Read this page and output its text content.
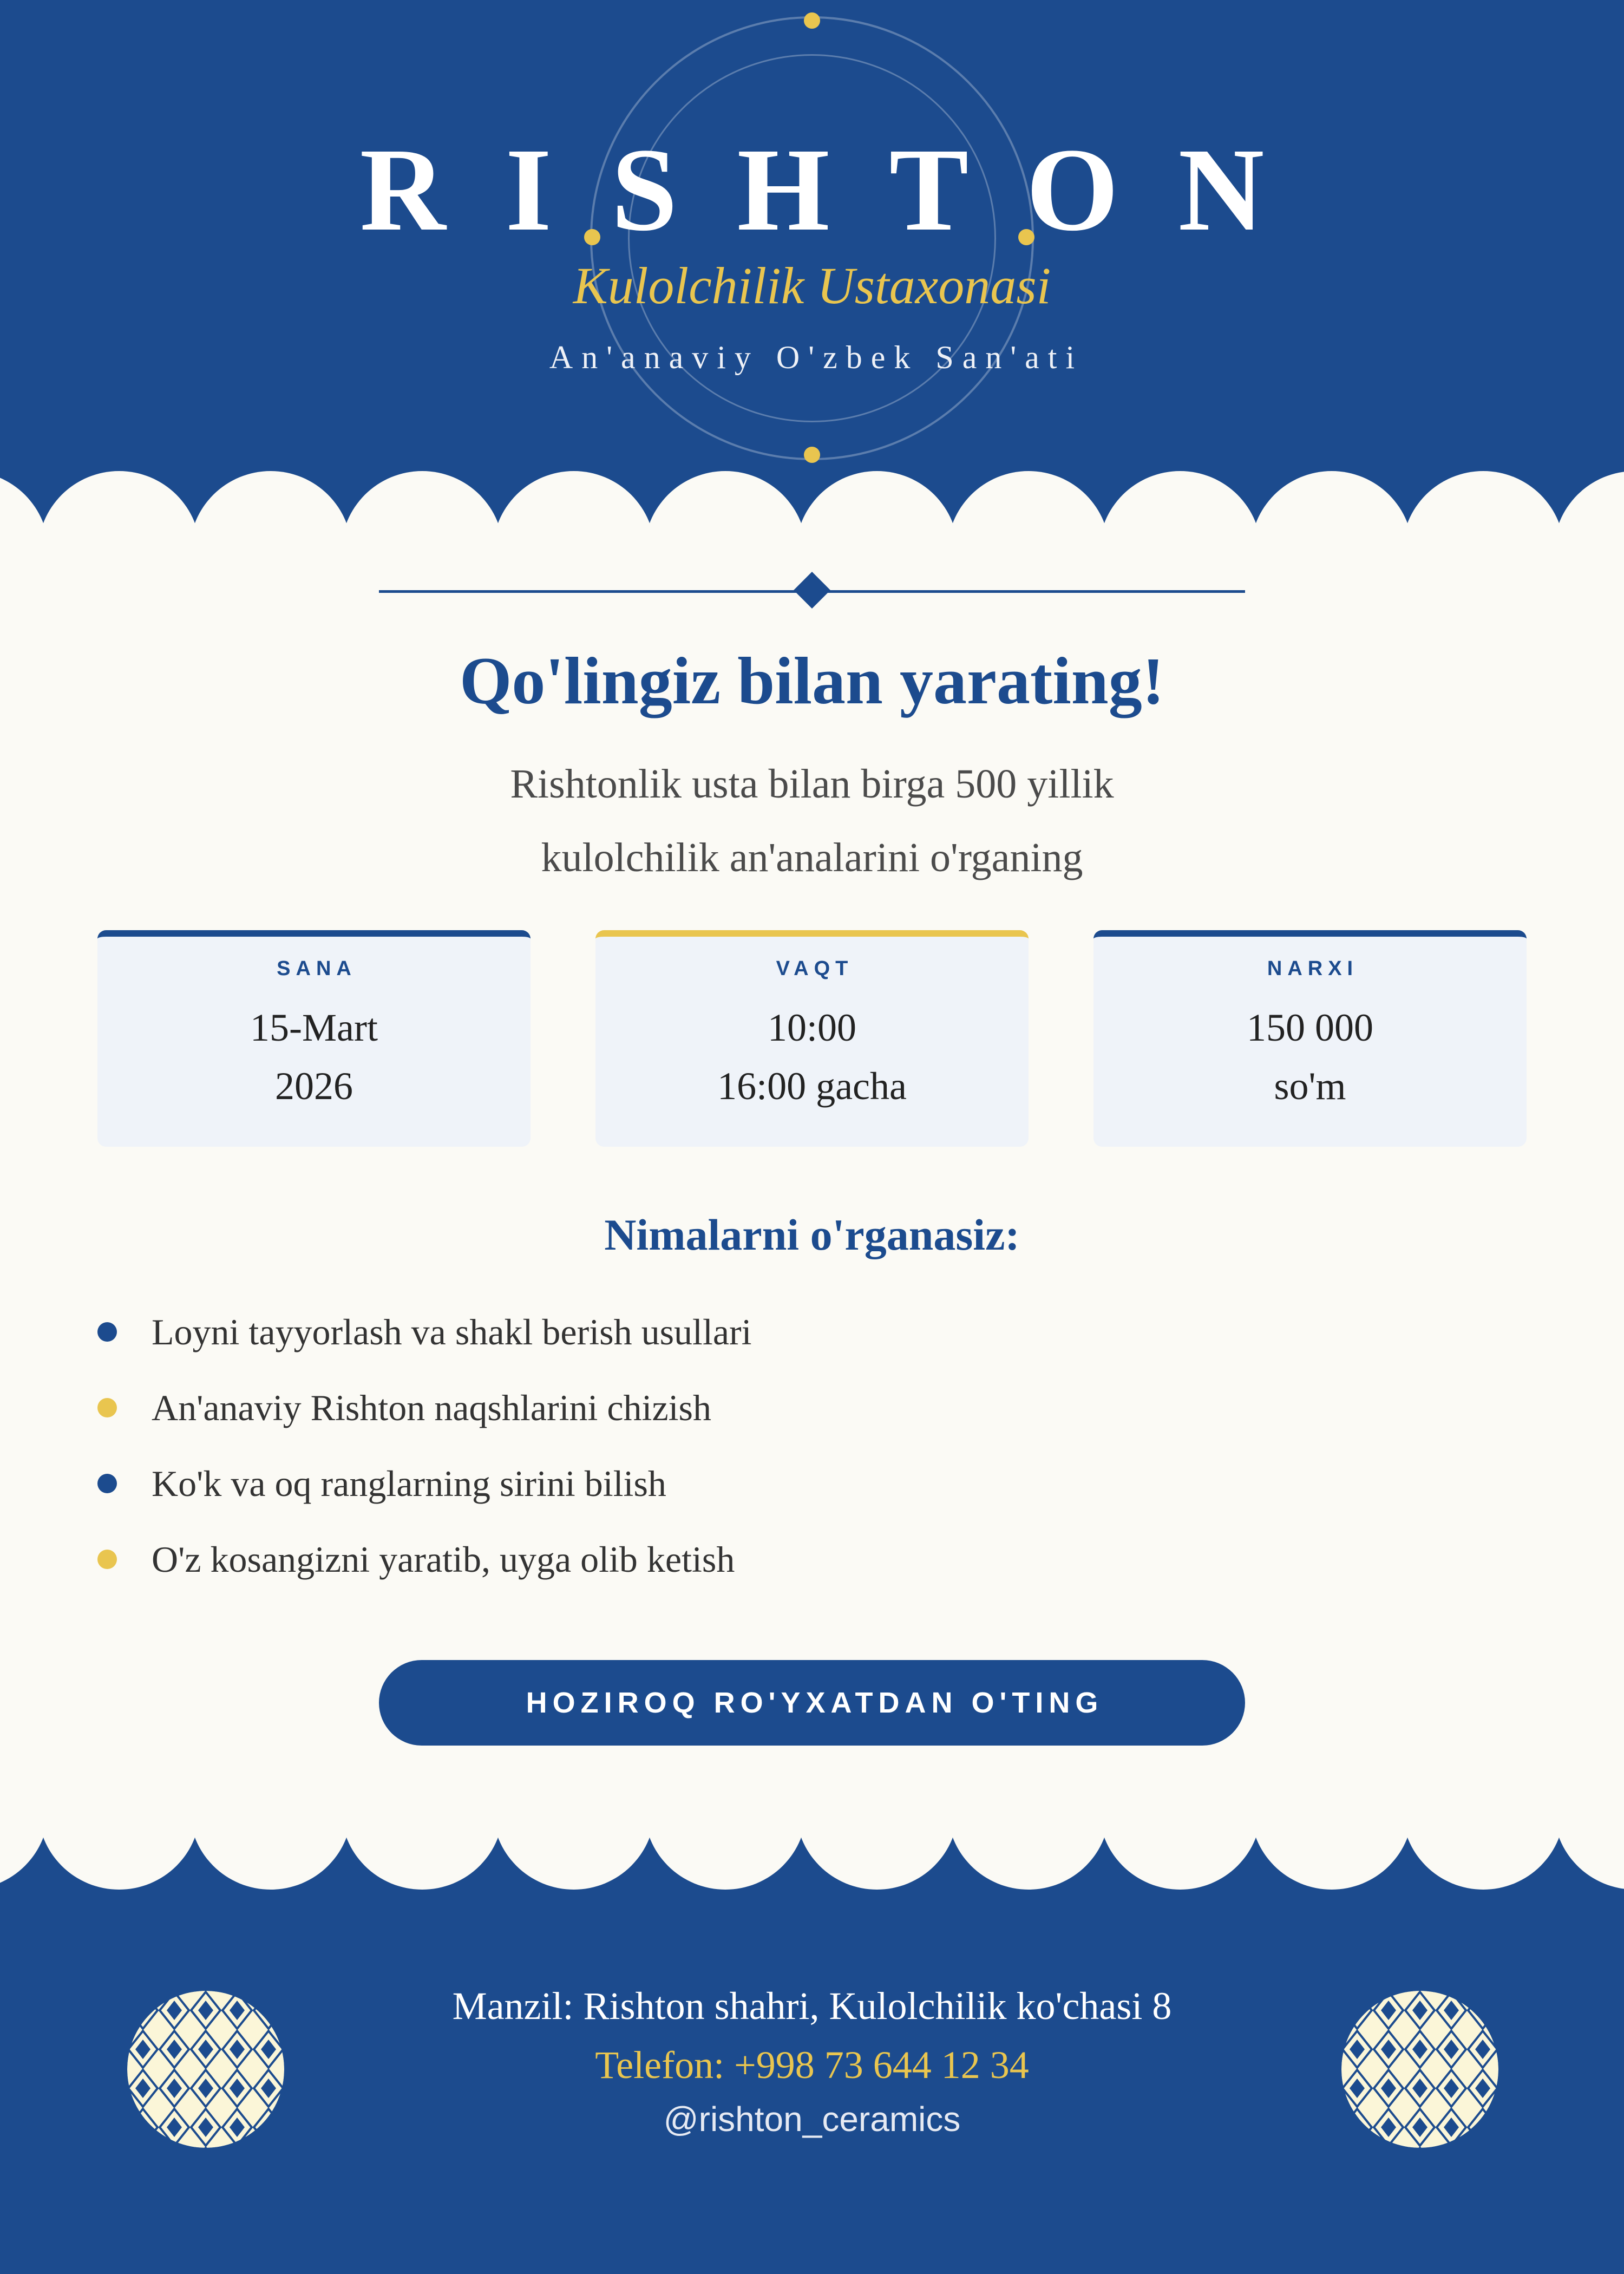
RISHTON
Kulolchilik Ustaxonasi
An'anaviy O'zbek San'ati
Qo'lingiz bilan yarating!
Rishtonlik usta bilan birga 500 yillik
kulolchilik an'analarini o'rganing
SANA
15-Mart
2026
VAQT
10:00
16:00 gacha
NARXI
150 000
so'm
Nimalarni o'rganasiz:
Loyni tayyorlash va shakl berish usullari
An'anaviy Rishton naqshlarini chizish
Ko'k va oq ranglarning sirini bilish
O'z kosangizni yaratib, uyga olib ketish
HOZIROQ RO'YXATDAN O'TING
Manzil: Rishton shahri, Kulolchilik ko'chasi 8
Telefon: +998 73 644 12 34
@rishton_ceramics
